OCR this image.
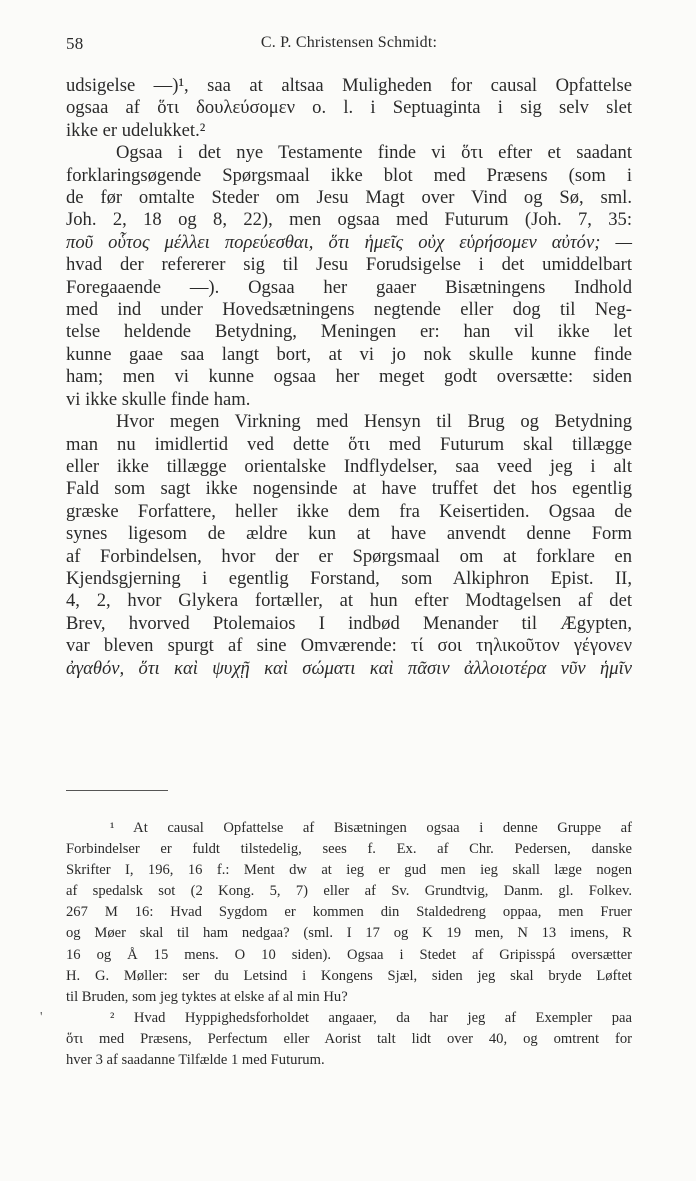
58	C. P. Christensen Schmidt:
udsigelse —)¹, saa at altsaa Muligheden for causal Opfattelse
ogsaa af ὅτι δουλεύσομεν o. l. i Septuaginta i sig selv slet
ikke er udelukket.²
Ogsaa i det nye Testamente finde vi ὅτι efter et saadant
forklaringsøgende Spørgsmaal ikke blot med Præsens (som i
de før omtalte Steder om Jesu Magt over Vind og Sø, sml.
Joh. 2, 18 og 8, 22), men ogsaa med Futurum (Joh. 7, 35:
ποῦ οὗτος μέλλει πορεύεσθαι, ὅτι ἡμεῖς οὐχ εὑρήσομεν αὐτόν; —
hvad der refererer sig til Jesu Forudsigelse i det umiddelbart
Foregaaende —). Ogsaa her gaaer Bisætningens Indhold
med ind under Hovedsætningens negtende eller dog til Neg-
telse heldende Betydning, Meningen er: han vil ikke let
kunne gaae saa langt bort, at vi jo nok skulle kunne finde
ham; men vi kunne ogsaa her meget godt oversætte: siden
vi ikke skulle finde ham.
Hvor megen Virkning med Hensyn til Brug og Betydning
man nu imidlertid ved dette ὅτι med Futurum skal tillægge
eller ikke tillægge orientalske Indflydelser, saa veed jeg i alt
Fald som sagt ikke nogensinde at have truffet det hos egentlig
græske Forfattere, heller ikke dem fra Keisertiden. Ogsaa de
synes ligesom de ældre kun at have anvendt denne Form
af Forbindelsen, hvor der er Spørgsmaal om at forklare en
Kjendsgjerning i egentlig Forstand, som Alkiphron Epist. II,
4, 2, hvor Glykera fortæller, at hun efter Modtagelsen af det
Brev, hvorved Ptolemaios I indbød Menander til Ægypten,
var bleven spurgt af sine Omværende: τί σοι τηλικοῦτον γέγονεν
ἀγαθόν, ὅτι καὶ ψυχῇ καὶ σώματι καὶ πᾶσιν ἀλλοιοτέρα νῦν ἡμῖν
¹ At causal Opfattelse af Bisætningen ogsaa i denne Gruppe af
Forbindelser er fuldt tilstedelig, sees f. Ex. af Chr. Pedersen, danske
Skrifter I, 196, 16 f.: Ment dw at ieg er gud men ieg skall læge nogen
af spedalsk sot (2 Kong. 5, 7) eller af Sv. Grundtvig, Danm. gl. Folkev.
267 M 16: Hvad Sygdom er kommen din Staldedreng oppaa, men Fruer
og Møer skal til ham nedgaa? (sml. I 17 og K 19 men, N 13 imens, R
16 og Å 15 mens. O 10 siden). Ogsaa i Stedet af Gripisspá oversætter
H. G. Møller: ser du Letsind i Kongens Sjæl, siden jeg skal bryde Løftet
til Bruden, som jeg tyktes at elske af al min Hu?
² Hvad Hyppighedsforholdet angaaer, da har jeg af Exempler paa
ὅτι med Præsens, Perfectum eller Aorist talt lidt over 40, og omtrent for
hver 3 af saadanne Tilfælde 1 med Futurum.
'
